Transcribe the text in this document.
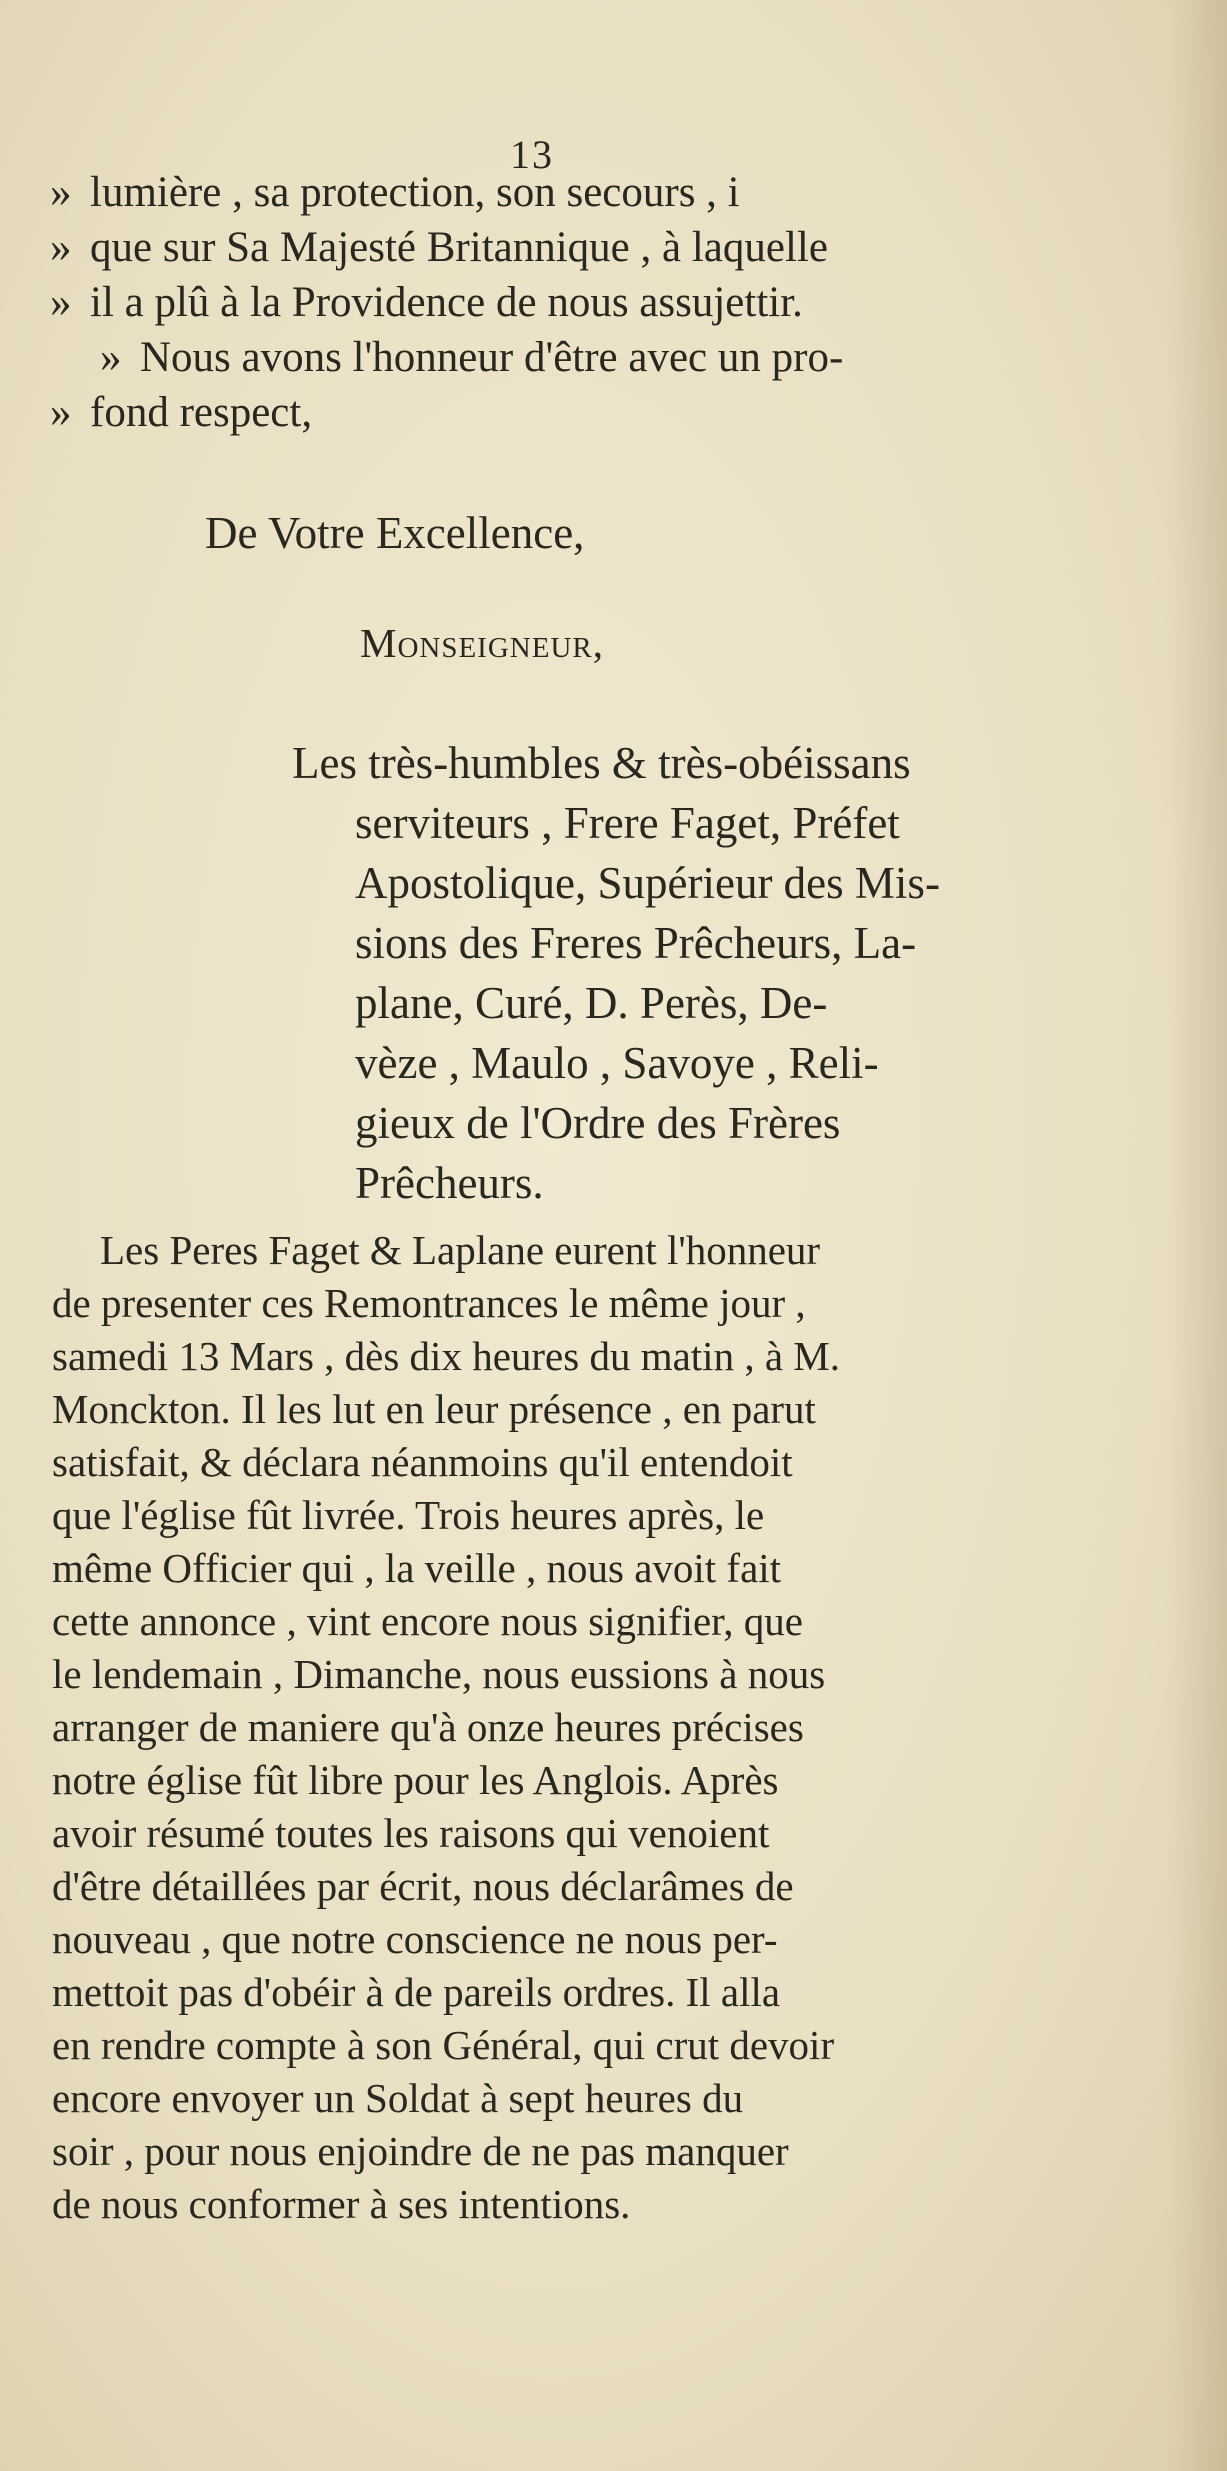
13
» lumière , sa protection, son secours , i
» que sur Sa Majesté Britannique , à laquelle
» il a plû à la Providence de nous assujettir.
» Nous avons l'honneur d'être avec un pro-
» fond respect,
De Votre Excellence,
Monseigneur,
Les très-humbles & très-obéissans
serviteurs , Frere Faget, Préfet
Apostolique, Supérieur des Mis-
sions des Freres Prêcheurs, La-
plane, Curé, D. Perès, De-
vèze , Maulo , Savoye , Reli-
gieux de l'Ordre des Frères
Prêcheurs.
Les Peres Faget & Laplane eurent l'honneur
de presenter ces Remontrances le même jour ,
samedi 13 Mars , dès dix heures du matin , à M.
Monckton. Il les lut en leur présence , en parut
satisfait, & déclara néanmoins qu'il entendoit
que l'église fût livrée. Trois heures après, le
même Officier qui , la veille , nous avoit fait
cette annonce , vint encore nous signifier, que
le lendemain , Dimanche, nous eussions à nous
arranger de maniere qu'à onze heures précises
notre église fût libre pour les Anglois. Après
avoir résumé toutes les raisons qui venoient
d'être détaillées par écrit, nous déclarâmes de
nouveau , que notre conscience ne nous per-
mettoit pas d'obéir à de pareils ordres. Il alla
en rendre compte à son Général, qui crut devoir
encore envoyer un Soldat à sept heures du
soir , pour nous enjoindre de ne pas manquer
de nous conformer à ses intentions.
